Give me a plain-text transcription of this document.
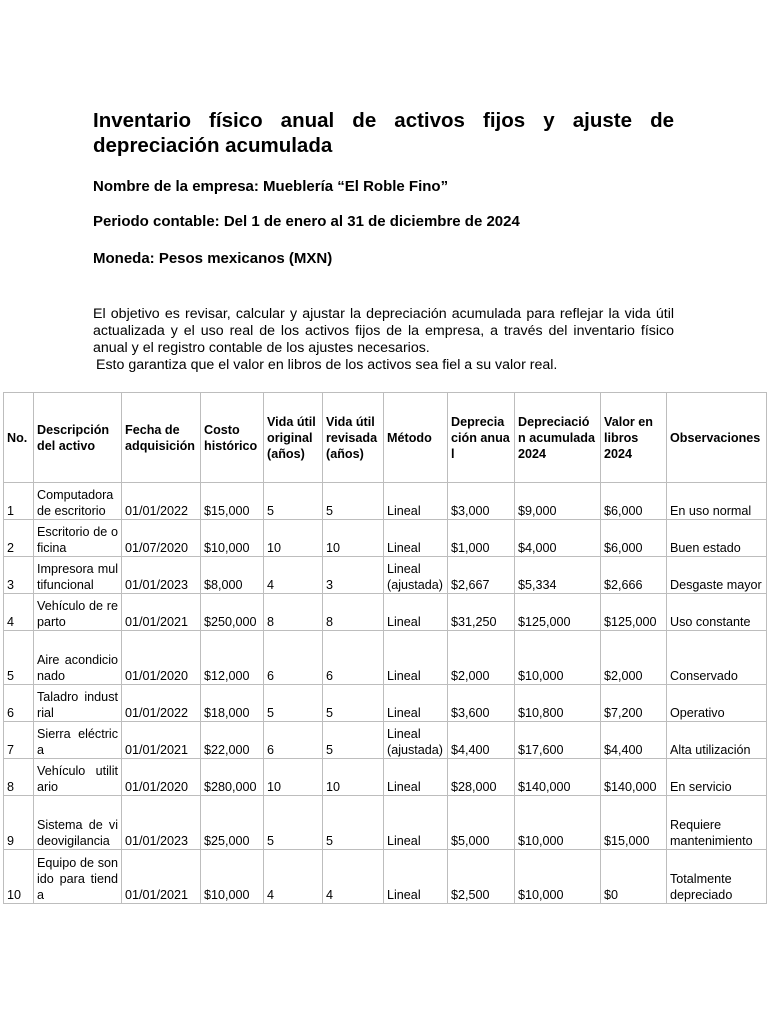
Inventario físico anual de activos fijos y ajuste de depreciación acumulada

Nombre de la empresa: Mueblería “El Roble Fino”

Periodo contable: Del 1 de enero al 31 de diciembre de 2024

Moneda: Pesos mexicanos (MXN)

El objetivo es revisar, calcular y ajustar la depreciación acumulada para reflejar la vida útil actualizada y el uso real de los activos fijos de la empresa, a través del inventario físico anual y el registro contable de los ajustes necesarios.
Esto garantiza que el valor en libros de los activos sea fiel a su valor real.
No.	Descripción del activo	Fecha de adquisición	Costo histórico	Vida útil original (años)	Vida útil revisada (años)	Método	Depreciación anual	Depreciación acumulada 2024	Valor en libros 2024	Observaciones
1	Computadora de escritorio	01/01/2022	$15,000	5	5	Lineal	$3,000	$9,000	$6,000	En uso normal
2	Escritorio de oficina	01/07/2020	$10,000	10	10	Lineal	$1,000	$4,000	$6,000	Buen estado
3	Impresora multifuncional	01/01/2023	$8,000	4	3	Lineal (ajustada)	$2,667	$5,334	$2,666	Desgaste mayor
4	Vehículo de reparto	01/01/2021	$250,000	8	8	Lineal	$31,250	$125,000	$125,000	Uso constante
5	Aire acondicionado	01/01/2020	$12,000	6	6	Lineal	$2,000	$10,000	$2,000	Conservado
6	Taladro industrial	01/01/2022	$18,000	5	5	Lineal	$3,600	$10,800	$7,200	Operativo
7	Sierra eléctrica	01/01/2021	$22,000	6	5	Lineal (ajustada)	$4,400	$17,600	$4,400	Alta utilización
8	Vehículo utilitario	01/01/2020	$280,000	10	10	Lineal	$28,000	$140,000	$140,000	En servicio
9	Sistema de videovigilancia	01/01/2023	$25,000	5	5	Lineal	$5,000	$10,000	$15,000	Requiere mantenimiento
10	Equipo de sonido para tienda	01/01/2021	$10,000	4	4	Lineal	$2,500	$10,000	$0	Totalmente depreciado
